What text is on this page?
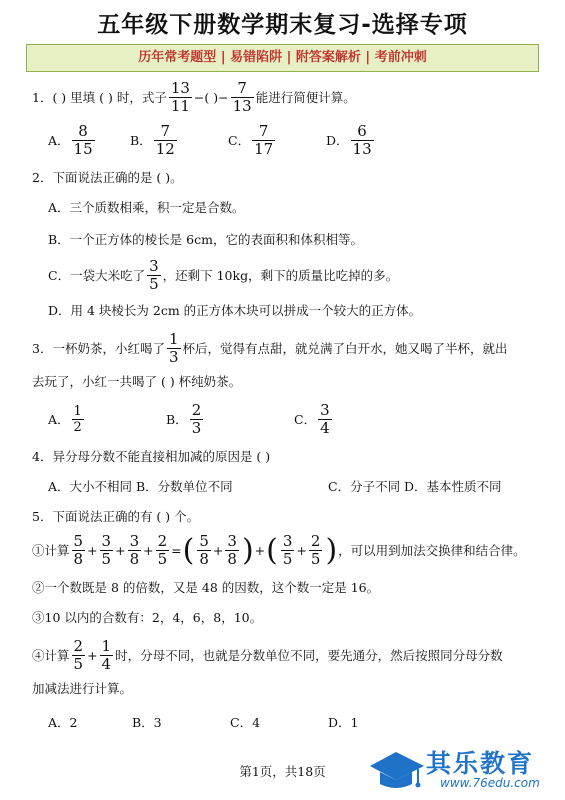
五年级下册数学期末复习-选择专项
历年常考题型 | 易错陷阱 | 附答案解析 | 考前冲刺
1．( ) 里填 ( ) 时，式子 $\frac{13}{11}$ −( )− $\frac{7}{13}$ 能进行简便计算。
A． $\frac{8}{15}$	B． $\frac{7}{12}$	C． $\frac{7}{17}$	D． $\frac{6}{13}$
2．下面说法正确的是 ( )。
A．三个质数相乘，积一定是合数。
B．一个正方体的棱长是 6cm，它的表面积和体积相等。
C．一袋大米吃了 $\frac{3}{5}$ ，还剩下 10kg，剩下的质量比吃掉的多。
D．用 4 块棱长为 2cm 的正方体木块可以拼成一个较大的正方体。
3．一杯奶茶，小红喝了 $\frac{1}{3}$ 杯后，觉得有点甜，就兑满了白开水，她又喝了半杯，就出
去玩了，小红一共喝了 ( ) 杯纯奶茶。
A． $\frac{1}{2}$	B． $\frac{2}{3}$	C． $\frac{3}{4}$
4．异分母分数不能直接相加减的原因是 ( )
A．大小不相同 B．分数单位不同	C．分子不同 D．基本性质不同
5．下面说法正确的有 ( ) 个。
①计算 $\frac{5}{8} + \frac{3}{5} + \frac{3}{8} + \frac{2}{5}$ = ( $\frac{5}{8} + \frac{3}{8}$ ) + ( $\frac{3}{5} + \frac{2}{5}$ ) ，可以用到加法交换律和结合律。
②一个数既是 8 的倍数，又是 48 的因数，这个数一定是 16。
③10 以内的合数有：2，4，6，8，10。
④计算 $\frac{2}{5} + \frac{1}{4}$ 时，分母不同，也就是分数单位不同，要先通分，然后按照同分母分数
加减法进行计算。
A．2	B．3	C．4	D．1
第1页，共18页	其乐教育
www.76edu.com
